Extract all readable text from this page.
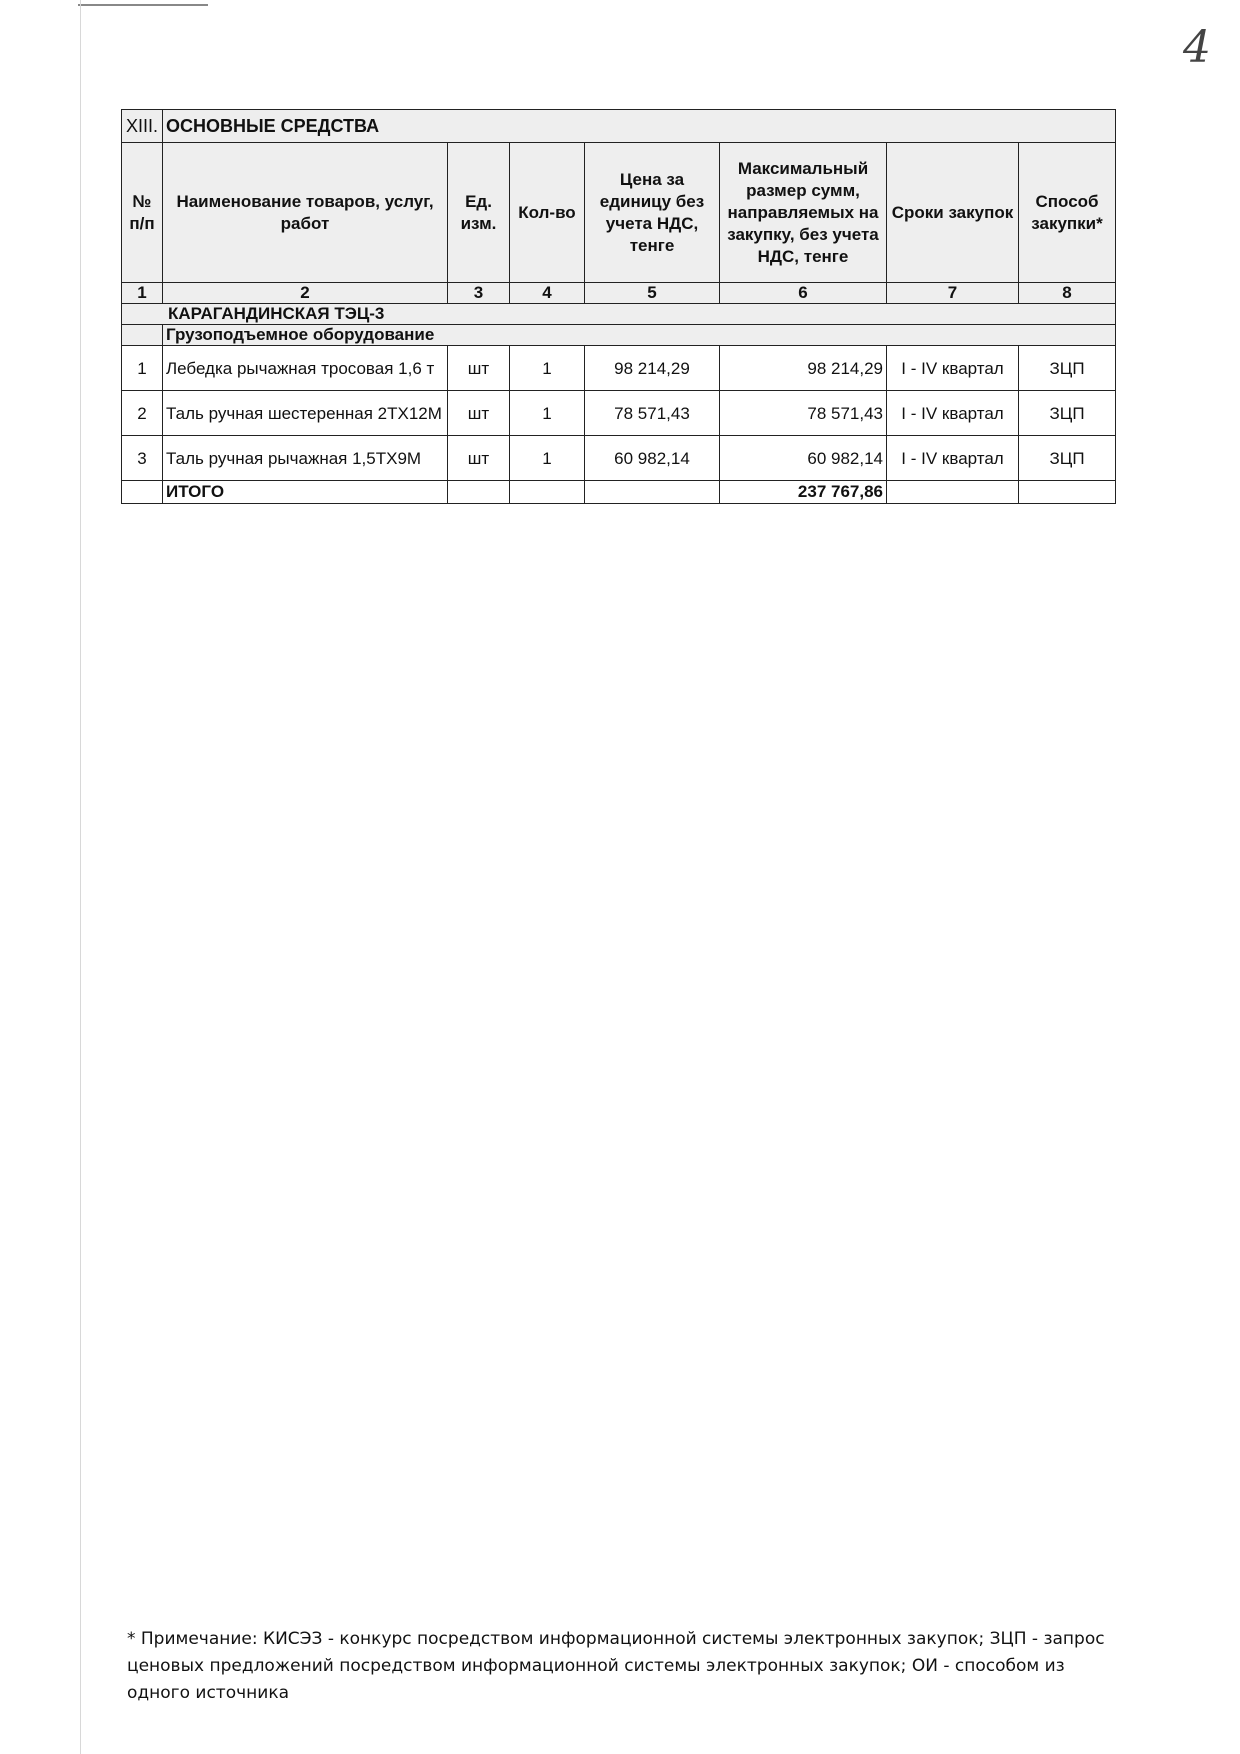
4
XIII.	ОСНОВНЫЕ СРЕДСТВА						
№ п/п	Наименование товаров, услуг, работ	Ед. изм.	Кол-во	Цена за единицу без учета НДС, тенге	Максимальный размер сумм, направляемых на закупку, без учета НДС, тенге	Сроки закупок	Способ закупки*
1	2	3	4	5	6	7	8
КАРАГАНДИНСКАЯ ТЭЦ-3							
	Грузоподъемное оборудование						
1	Лебедка рычажная тросовая 1,6 т	шт	1	98 214,29	98 214,29	I - IV квартал	ЗЦП
2	Таль ручная шестеренная 2ТХ12М	шт	1	78 571,43	78 571,43	I - IV квартал	ЗЦП
3	Таль ручная рычажная 1,5ТХ9М	шт	1	60 982,14	60 982,14	I - IV квартал	ЗЦП
	ИТОГО				237 767,86		
* Примечание: КИСЭЗ - конкурс посредством информационной системы электронных закупок; ЗЦП - запрос ценовых предложений посредством информационной системы электронных закупок; ОИ - способом из одного источника
